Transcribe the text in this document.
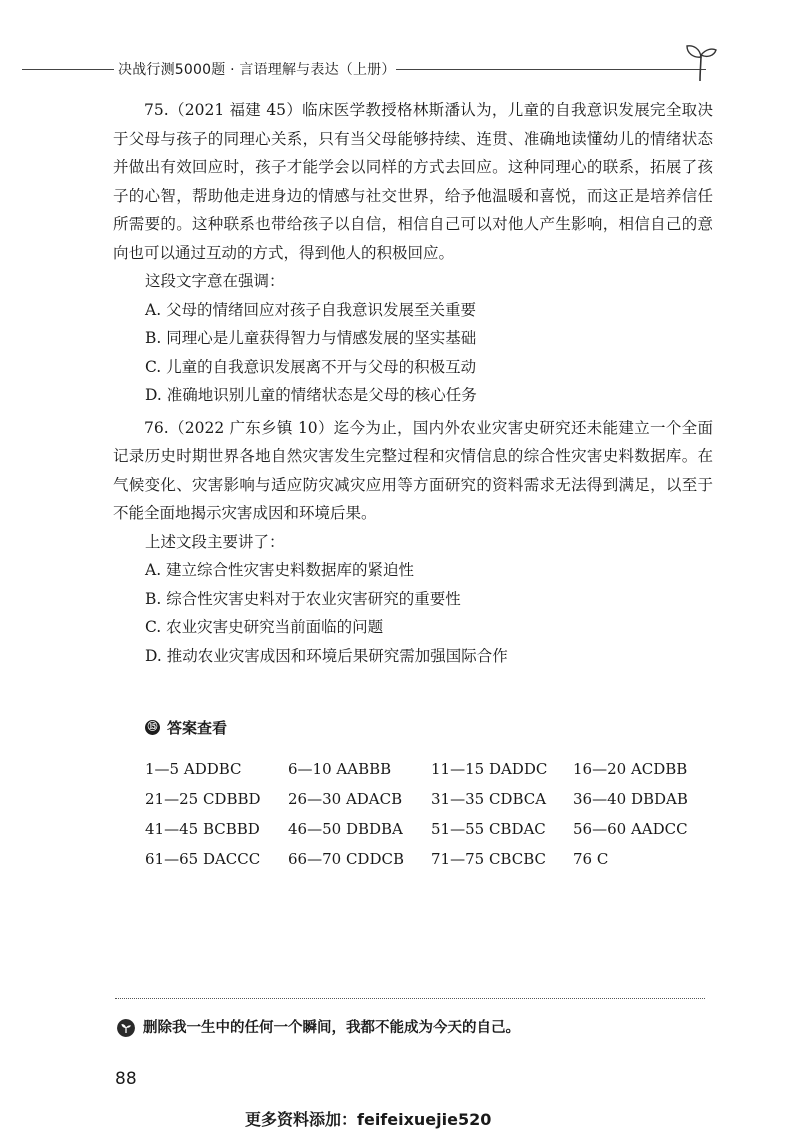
决战行测5000题 · 言语理解与表达（上册）

75.（2021 福建 45）临床医学教授格林斯潘认为，儿童的自我意识发展完全取决于父母与孩子的同理心关系，只有当父母能够持续、连贯、准确地读懂幼儿的情绪状态并做出有效回应时，孩子才能学会以同样的方式去回应。这种同理心的联系，拓展了孩子的心智，帮助他走进身边的情感与社交世界，给予他温暖和喜悦，而这正是培养信任所需要的。这种联系也带给孩子以自信，相信自己可以对他人产生影响，相信自己的意向也可以通过互动的方式，得到他人的积极回应。

这段文字意在强调：

A. 父母的情绪回应对孩子自我意识发展至关重要

B. 同理心是儿童获得智力与情感发展的坚实基础

C. 儿童的自我意识发展离不开与父母的积极互动

D. 准确地识别儿童的情绪状态是父母的核心任务

76.（2022 广东乡镇 10）迄今为止，国内外农业灾害史研究还未能建立一个全面记录历史时期世界各地自然灾害发生完整过程和灾情信息的综合性灾害史料数据库。在气候变化、灾害影响与适应防灾减灾应用等方面研究的资料需求无法得到满足，以至于不能全面地揭示灾害成因和环境后果。

上述文段主要讲了：

A. 建立综合性灾害史料数据库的紧迫性

B. 综合性灾害史料对于农业灾害研究的重要性

C. 农业灾害史研究当前面临的问题

D. 推动农业灾害成因和环境后果研究需加强国际合作

⑮ 答案查看
1—5 ADDBC	6—10 AABBB	11—15 DADDC	16—20 ACDBB
21—25 CDBBD	26—30 ADACB	31—35 CDBCA	36—40 DBDAB
41—45 BCBBD	46—50 DBDBA	51—55 CBDAC	56—60 AADCC
61—65 DACCC	66—70 CDDCB	71—75 CBCBC	76 C
删除我一生中的任何一个瞬间，我都不能成为今天的自己。
88
更多资料添加：feifeixuejie520
